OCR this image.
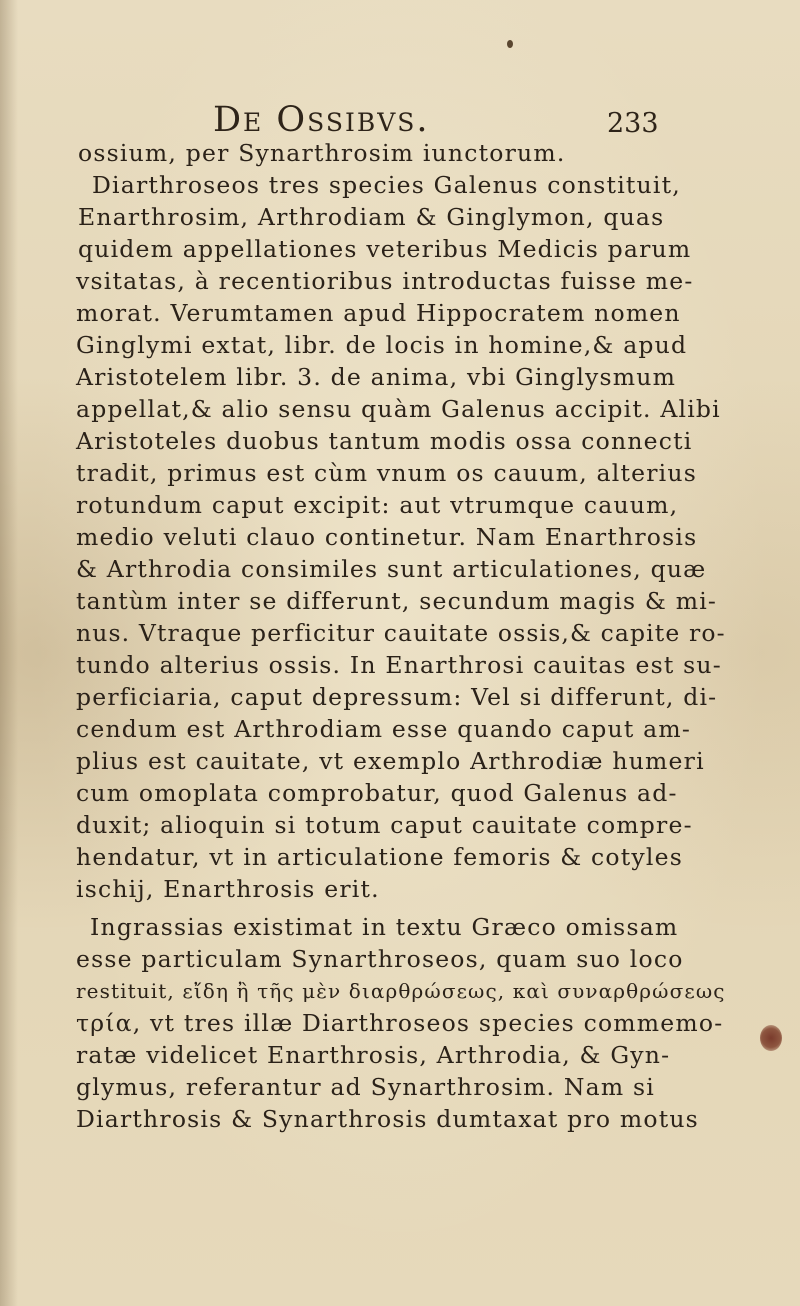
De Ossibvs.	233
ossium, per Synarthrosim iunctorum.
Diarthroseos tres species Galenus constituit,
Enarthrosim, Arthrodiam & Ginglymon, quas
quidem appellationes veteribus Medicis parum
vsitatas, à recentioribus introductas fuisse me-
morat. Verumtamen apud Hippocratem nomen
Ginglymi extat, libr. de locis in homine,& apud
Aristotelem libr. 3. de anima, vbi Ginglysmum
appellat,& alio sensu quàm Galenus accipit. Alibi
Aristoteles duobus tantum modis ossa connecti
tradit, primus est cùm vnum os cauum, alterius
rotundum caput excipit: aut vtrumque cauum,
medio veluti clauo continetur. Nam Enarthrosis
& Arthrodia consimiles sunt articulationes, quæ
tantùm inter se differunt, secundum magis & mi-
nus. Vtraque perficitur cauitate ossis,& capite ro-
tundo alterius ossis. In Enarthrosi cauitas est su-
perficiaria, caput depressum: Vel si differunt, di-
cendum est Arthrodiam esse quando caput am-
plius est cauitate, vt exemplo Arthrodiæ humeri
cum omoplata comprobatur, quod Galenus ad-
duxit; alioquin si totum caput cauitate compre-
hendatur, vt in articulatione femoris & cotyles
ischij, Enarthrosis erit.
Ingrassias existimat in textu Græco omissam
esse particulam Synarthroseos, quam suo loco
restituit, εἴδη ἢ τῆς μὲν διαρθρώσεως, καὶ συναρθρώσεως
τρία, vt tres illæ Diarthroseos species commemo-
ratæ videlicet Enarthrosis, Arthrodia, & Gyn-
glymus, referantur ad Synarthrosim. Nam si
Diarthrosis & Synarthrosis dumtaxat pro motus
